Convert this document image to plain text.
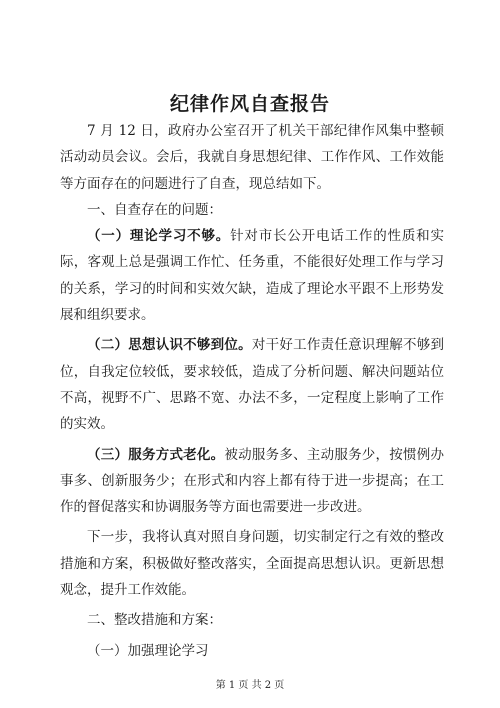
纪律作风自查报告

7 月 12 日，政府办公室召开了机关干部纪律作风集中整顿活动动员会议。会后，我就自身思想纪律、工作作风、工作效能等方面存在的问题进行了自查，现总结如下。

一、自查存在的问题：

（一）理论学习不够。针对市长公开电话工作的性质和实际，客观上总是强调工作忙、任务重，不能很好处理工作与学习的关系，学习的时间和实效欠缺，造成了理论水平跟不上形势发展和组织要求。

（二）思想认识不够到位。对干好工作责任意识理解不够到位，自我定位较低，要求较低，造成了分析问题、解决问题站位不高，视野不广、思路不宽、办法不多，一定程度上影响了工作的实效。

（三）服务方式老化。被动服务多、主动服务少，按惯例办事多、创新服务少；在形式和内容上都有待于进一步提高；在工作的督促落实和协调服务等方面也需要进一步改进。

下一步，我将认真对照自身问题，切实制定行之有效的整改措施和方案，积极做好整改落实，全面提高思想认识。更新思想观念，提升工作效能。

二、整改措施和方案：

（一）加强理论学习

第 1 页 共 2 页
